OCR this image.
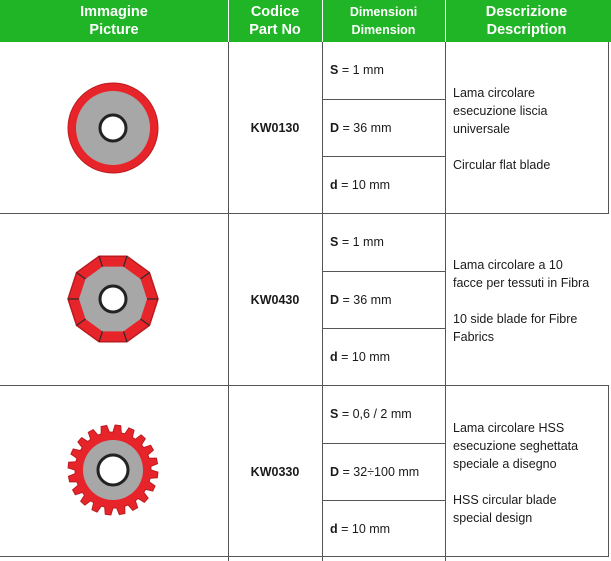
Immagine
Picture
Codice
Part No
Dimensioni
Dimension
Descrizione
Description
KW0130
S = 1 mm
D = 36 mm
d = 10 mm
Lama circolare
esecuzione liscia
universale
Circular flat blade
KW0430
S = 1 mm
D = 36 mm
d = 10 mm
Lama circolare a 10
facce per tessuti in Fibra
10 side blade for Fibre
Fabrics
KW0330
S = 0,6 / 2 mm
D = 32÷100 mm
d = 10 mm
Lama circolare HSS
esecuzione seghettata
speciale a disegno
HSS circular blade
special design
